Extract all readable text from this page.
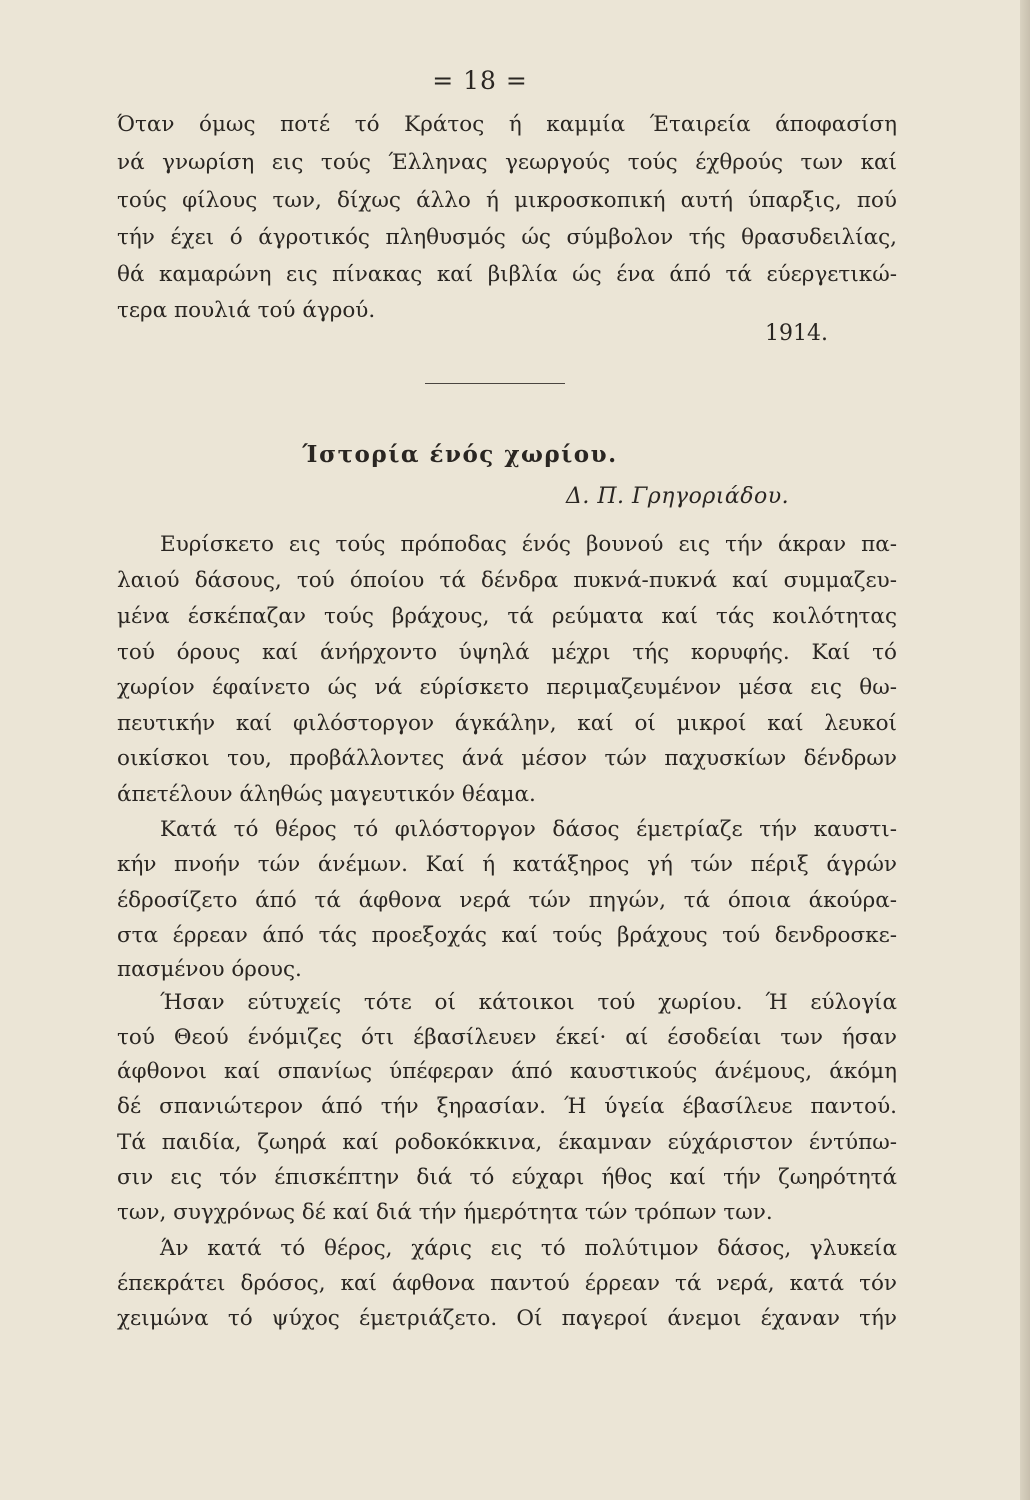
= 18 =
Όταν όμως ποτέ τό Κράτος ή καμμία Έταιρεία άποφασίση
νά γνωρίση εις τούς Έλληνας γεωργούς τούς έχθρούς των καί
τούς φίλους των, δίχως άλλο ή μικροσκοπική αυτή ύπαρξις, πού
τήν έχει ό άγροτικός πληθυσμός ώς σύμβολον τής θρασυδειλίας,
θά καμαρώνη εις πίνακας καί βιβλία ώς ένα άπό τά εύεργετικώ-
τερα πουλιά τού άγρού.
1914.
Ίστορία ένός χωρίου.
Δ. Π. Γρηγοριάδου.
Ευρίσκετο εις τούς πρόποδας ένός βουνού εις τήν άκραν πα-
λαιού δάσους, τού όποίου τά δένδρα πυκνά-πυκνά καί συμμαζευ-
μένα έσκέπαζαν τούς βράχους, τά ρεύματα καί τάς κοιλότητας
τού όρους καί άνήρχοντο ύψηλά μέχρι τής κορυφής. Καί τό
χωρίον έφαίνετο ώς νά εύρίσκετο περιμαζευμένον μέσα εις θω-
πευτικήν καί φιλόστοργον άγκάλην, καί οί μικροί καί λευκοί
οικίσκοι του, προβάλλοντες άνά μέσον τών παχυσκίων δένδρων
άπετέλουν άληθώς μαγευτικόν θέαμα.
Κατά τό θέρος τό φιλόστοργον δάσος έμετρίαζε τήν καυστι-
κήν πνοήν τών άνέμων. Καί ή κατάξηρος γή τών πέριξ άγρών
έδροσίζετο άπό τά άφθονα νερά τών πηγών, τά όποια άκούρα-
στα έρρεαν άπό τάς προεξοχάς καί τούς βράχους τού δενδροσκε-
πασμένου όρους.
Ήσαν εύτυχείς τότε οί κάτοικοι τού χωρίου. Ή εύλογία
τού Θεού ένόμιζες ότι έβασίλευεν έκεί· αί έσοδείαι των ήσαν
άφθονοι καί σπανίως ύπέφεραν άπό καυστικούς άνέμους, άκόμη
δέ σπανιώτερον άπό τήν ξηρασίαν. Ή ύγεία έβασίλευε παντού.
Τά παιδία, ζωηρά καί ροδοκόκκινα, έκαμναν εύχάριστον έντύπω-
σιν εις τόν έπισκέπτην διά τό εύχαρι ήθος καί τήν ζωηρότητά
των, συγχρόνως δέ καί διά τήν ήμερότητα τών τρόπων των.
Άν κατά τό θέρος, χάρις εις τό πολύτιμον δάσος, γλυκεία
έπεκράτει δρόσος, καί άφθονα παντού έρρεαν τά νερά, κατά τόν
χειμώνα τό ψύχος έμετριάζετο. Οί παγεροί άνεμοι έχαναν τήν
